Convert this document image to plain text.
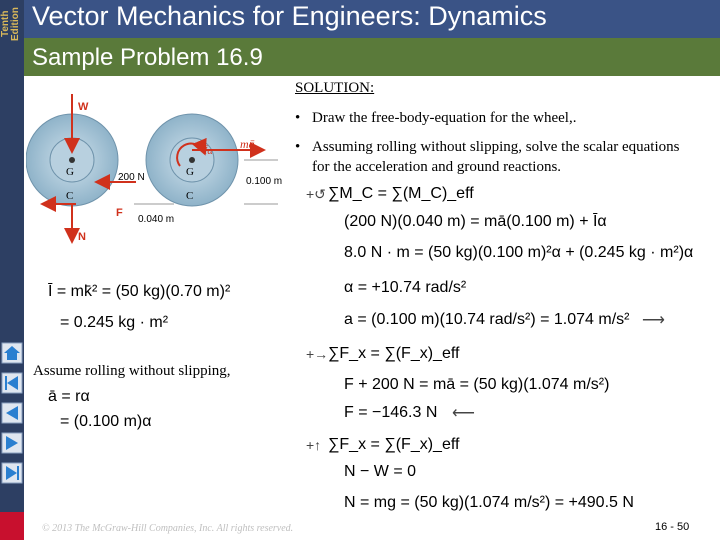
Tenth Edition Vector Mechanics for Engineers: Dynamics
Sample Problem 16.9
W
G
C
200 N
F
N
0.040 m
0.100 m
G
C
Īα
mā
SOLUTION:
• Draw the free-body-equation for the wheel,.
• Assuming rolling without slipping, solve the scalar equations for the acceleration and ground reactions.
Ī = mk̄² = (50 kg)(0.70 m)²
= 0.245 kg · m²
Assume rolling without slipping,
ā = rα
= (0.100 m)α
+↺ ∑M_C = ∑(M_C)_eff
(200 N)(0.040 m) = mā(0.100 m) + Īα
8.0 N · m = (50 kg)(0.100 m)²α + (0.245 kg · m²)α
α = +10.74 rad/s²
a = (0.100 m)(10.74 rad/s²) = 1.074 m/s² ⟶
+→ ∑F_x = ∑(F_x)_eff
F + 200 N = mā = (50 kg)(1.074 m/s²)
F = −146.3 N ⟵
+↑ ∑F_x = ∑(F_x)_eff
N − W = 0
N = mg = (50 kg)(1.074 m/s²) = +490.5 N
© 2013 The McGraw-Hill Companies, Inc. All rights reserved.	16 - 50
